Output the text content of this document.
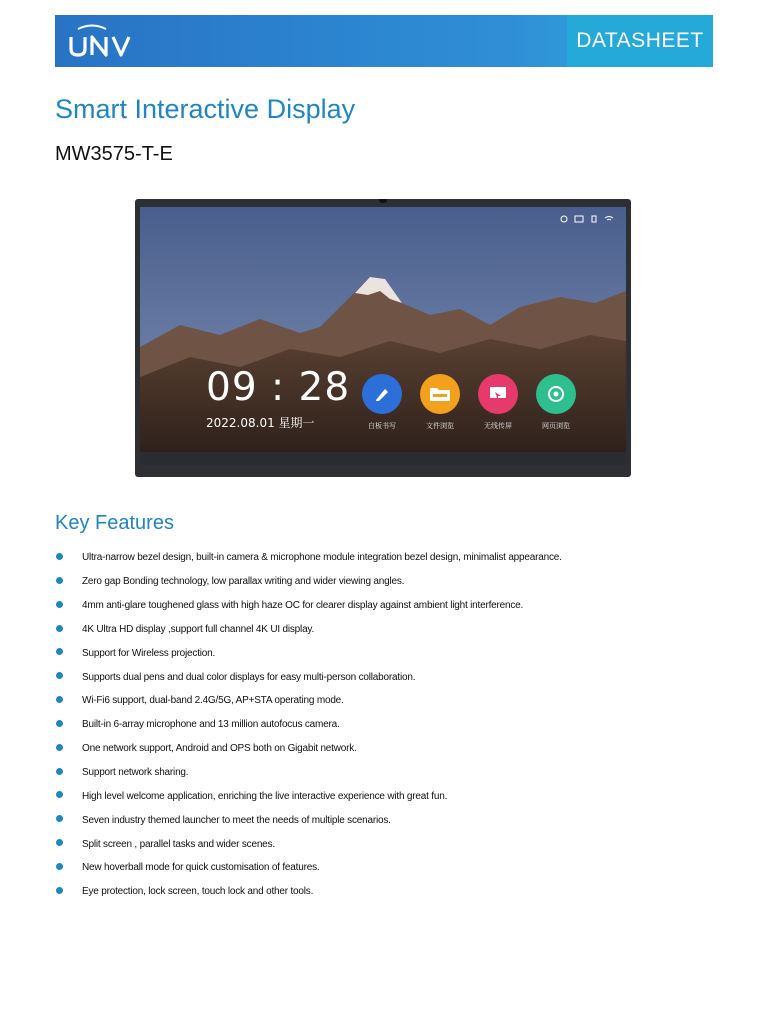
DATASHEET
Smart Interactive Display
MW3575-T-E
09 : 28
2022.08.01 星期一	白板书写	文件浏览	无线传屏	网页浏览
Key Features
Ultra-narrow bezel design, built-in camera & microphone module integration bezel design, minimalist appearance.
Zero gap Bonding technology, low parallax writing and wider viewing angles.
4mm anti-glare toughened glass with high haze OC for clearer display against ambient light interference.
4K Ultra HD display ,support full channel 4K UI display.
Support for Wireless projection.
Supports dual pens and dual color displays for easy multi-person collaboration.
Wi-Fi6 support, dual-band 2.4G/5G, AP+STA operating mode.
Built-in 6-array microphone and 13 million autofocus camera.
One network support, Android and OPS both on Gigabit network.
Support network sharing.
High level welcome application, enriching the live interactive experience with great fun.
Seven industry themed launcher to meet the needs of multiple scenarios.
Split screen , parallel tasks and wider scenes.
New hoverball mode for quick customisation of features.
Eye protection, lock screen, touch lock and other tools.
